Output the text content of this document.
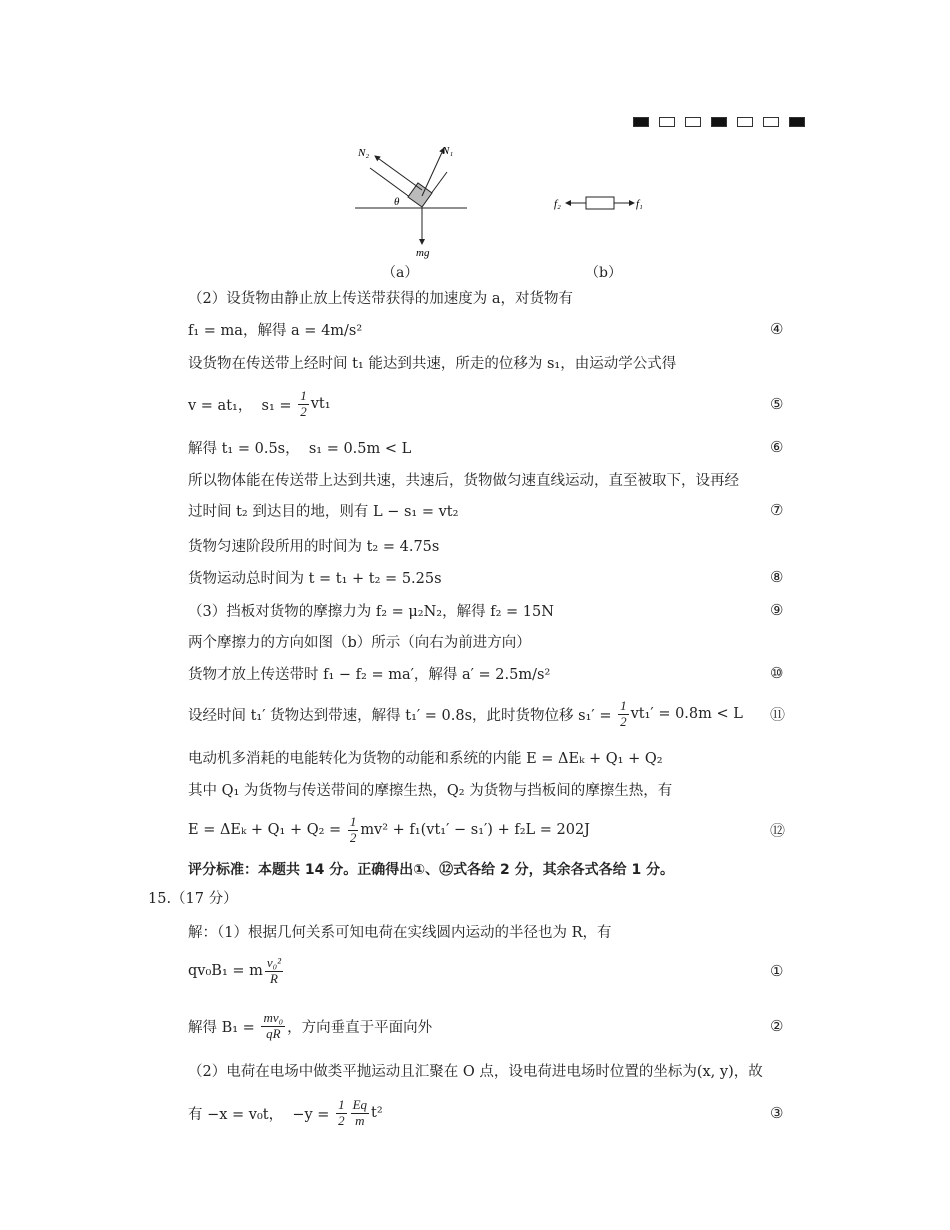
N₂	N₁
θ
mg
（a）
f₂	f₁
（b）
（2）设货物由静止放上传送带获得的加速度为 a，对货物有
f₁ = ma，解得 a = 4m/s²	④
设货物在传送带上经时间 t₁ 能达到共速，所走的位移为 s₁，由运动学公式得
v = at₁，  $s_1 = \frac{1}{2} vt_1$	⑤
解得 t₁ = 0.5s，  s₁ = 0.5m < L	⑥
所以物体能在传送带上达到共速，共速后，货物做匀速直线运动，直至被取下，设再经
过时间 t₂ 到达目的地，则有 L − s₁ = vt₂	⑦
货物匀速阶段所用的时间为 t₂ = 4.75s
货物运动总时间为 t = t₁ + t₂ = 5.25s	⑧
（3）挡板对货物的摩擦力为 f₂ = μ₂N₂，解得 f₂ = 15N	⑨
两个摩擦力的方向如图（b）所示（向右为前进方向）
货物才放上传送带时 f₁ − f₂ = ma′，解得 a′ = 2.5m/s²	⑩
设经时间 t₁′ 货物达到带速，解得 t₁′ = 0.8s，此时货物位移 $s_1' = \frac{1}{2} vt_1' = 0.8m < L$ ⑪
电动机多消耗的电能转化为货物的动能和系统的内能 E = ΔEₖ + Q₁ + Q₂
其中 Q₁ 为货物与传送带间的摩擦生热，Q₂ 为货物与挡板间的摩擦生热，有
$E = \Delta E_k + Q_1 + Q_2 = \frac{1}{2} mv^2 + f_1(vt_1' - s_1') + f_2L = 202J$	⑫
评分标准：本题共 14 分。正确得出①、⑫式各给 2 分，其余各式各给 1 分。
15.（17 分）
解：（1）根据几何关系可知电荷在实线圆内运动的半径也为 R，有
qv₀B₁ = m $\frac{\text{v₀²}}{R}$	①
解得 $B_1 = \frac{\text{mv₀}}{qR}$ ，方向垂直于平面向外	②
（2）电荷在电场中做类平抛运动且汇聚在 O 点，设电荷进电场时位置的坐标为(x, y)，故
有 −x = v₀t，  $-y = \frac{1}{2} \frac{Eq}{m} t^2$	③
